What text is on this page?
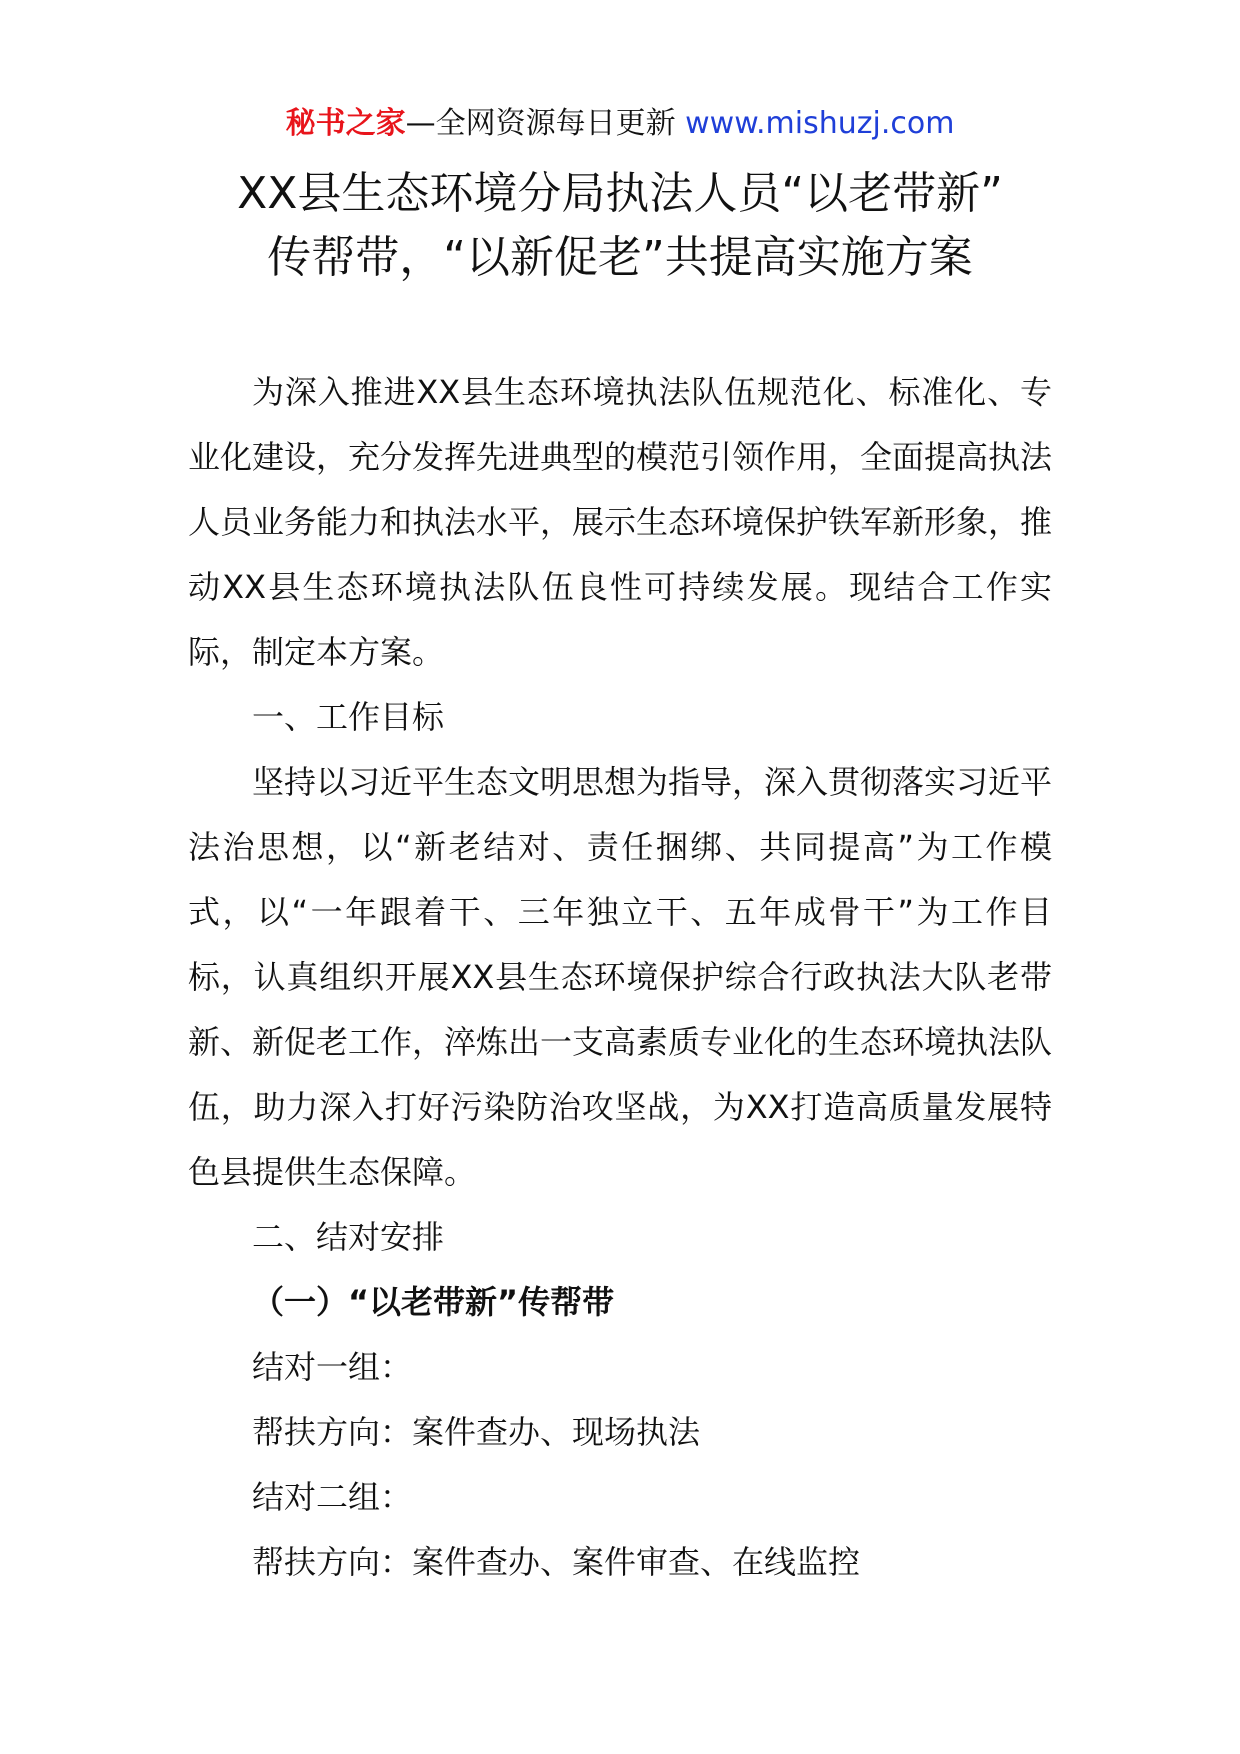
秘书之家—全网资源每日更新 www.mishuzj.com
XX县生态环境分局执法人员“以老带新”
传帮带，“以新促老”共提高实施方案

为深入推进XX县生态环境执法队伍规范化、标准化、专业化建设，充分发挥先进典型的模范引领作用，全面提高执法人员业务能力和执法水平，展示生态环境保护铁军新形象，推动XX县生态环境执法队伍良性可持续发展。现结合工作实际，制定本方案。

一、工作目标

坚持以习近平生态文明思想为指导，深入贯彻落实习近平法治思想，以“新老结对、责任捆绑、共同提高”为工作模式，以“一年跟着干、三年独立干、五年成骨干”为工作目标，认真组织开展XX县生态环境保护综合行政执法大队老带新、新促老工作，淬炼出一支高素质专业化的生态环境执法队伍，助力深入打好污染防治攻坚战，为XX打造高质量发展特色县提供生态保障。

二、结对安排

（一）“以老带新”传帮带

结对一组：

帮扶方向：案件查办、现场执法

结对二组：

帮扶方向：案件查办、案件审查、在线监控
